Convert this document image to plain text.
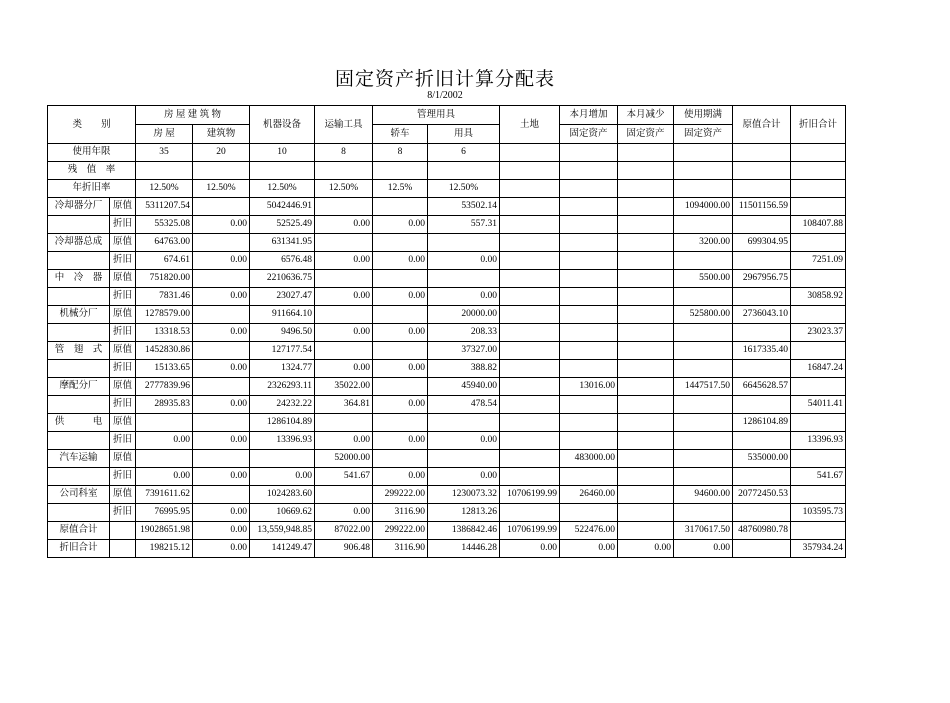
固定资产折旧计算分配表
8/1/2002
类　　别		房 屋 建 筑 物		机器设备	运输工具	管理用具		土地	本月增加	本月减少	使用期满	原值合计	折旧合计
		房 屋	建筑物			轿车	用具		固定资产	固定资产	固定资产		
使用年限		35	20	10	8	8	6						
残　值　率													
年折旧率		12.50%	12.50%	12.50%	12.50%	12.5%	12.50%						
冷却器分厂	原值	5311207.54		5042446.91			53502.14				1094000.00	11501156.59	
	折旧	55325.08	0.00	52525.49	0.00	0.00	557.31						108407.88
冷却器总成	原值	64763.00		631341.95							3200.00	699304.95	
	折旧	674.61	0.00	6576.48	0.00	0.00	0.00						7251.09
中　冷　器	原值	751820.00		2210636.75							5500.00	2967956.75	
	折旧	7831.46	0.00	23027.47	0.00	0.00	0.00						30858.92
机械分厂	原值	1278579.00		911664.10			20000.00				525800.00	2736043.10	
	折旧	13318.53	0.00	9496.50	0.00	0.00	208.33						23023.37
管　翅　式	原值	1452830.86		127177.54			37327.00					1617335.40	
	折旧	15133.65	0.00	1324.77	0.00	0.00	388.82						16847.24
摩配分厂	原值	2777839.96		2326293.11	35022.00		45940.00		13016.00		1447517.50	6645628.57	
	折旧	28935.83	0.00	24232.22	364.81	0.00	478.54						54011.41
供　　　电	原值			1286104.89								1286104.89	
	折旧	0.00	0.00	13396.93	0.00	0.00	0.00						13396.93
汽车运输	原值				52000.00				483000.00			535000.00	
	折旧	0.00	0.00	0.00	541.67	0.00	0.00						541.67
公司科室	原值	7391611.62		1024283.60		299222.00	1230073.32	10706199.99	26460.00		94600.00	20772450.53	
	折旧	76995.95	0.00	10669.62	0.00	3116.90	12813.26						103595.73
原值合计		19028651.98	0.00	13,559,948.85	87022.00	299222.00	1386842.46	10706199.99	522476.00		3170617.50	48760980.78	
折旧合计		198215.12	0.00	141249.47	906.48	3116.90	14446.28	0.00	0.00	0.00	0.00		357934.24
